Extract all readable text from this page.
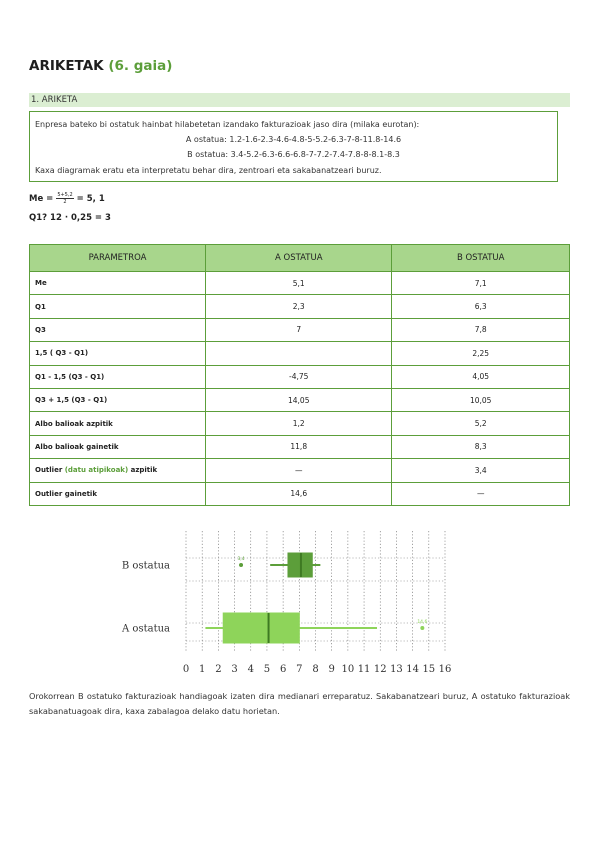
ARIKETAK (6. gaia)
1. ARIKETA
Enpresa bateko bi ostatuk hainbat hilabetetan izandako fakturazioak jaso dira (milaka eurotan):
A ostatua: 1.2-1.6-2.3-4.6-4.8-5-5.2-6.3-7-8-11.8-14.6
B ostatua: 3.4-5.2-6.3-6.6-6.8-7-7.2-7.4-7.8-8-8.1-8.3
Kaxa diagramak eratu eta interpretatu behar dira, zentroari eta sakabanatzeari buruz.
$Me = \frac{5+5,2}{2} = 5$, 1
Q1? 12 · 0,25 = 3
PARAMETROA	A OSTATUA	B OSTATUA
Me	5,1	7,1
Q1	2,3	6,3
Q3	7	7,8
1,5 ( Q3 - Q1)		2,25
Q1 - 1,5 (Q3 - Q1)	-4,75	4,05
Q3 + 1,5 (Q3 - Q1)	14,05	10,05
Albo balioak azpitik	1,2	5,2
Albo balioak gainetik	11,8	8,3
Outlier (datu atipikoak) azpitik	—	3,4
Outlier gainetik	14,6	—
0 1 2 3 4 5 6 7 8 9 10 11 12 13 14 15 16
B ostatua
3,4
A ostatua
14,6

Orokorrean B ostatuko fakturazioak handiagoak izaten dira medianari erreparatuz. Sakabanatzeari buruz, A ostatuko fakturazioak sakabanatuagoak dira, kaxa zabalagoa delako datu horietan.
